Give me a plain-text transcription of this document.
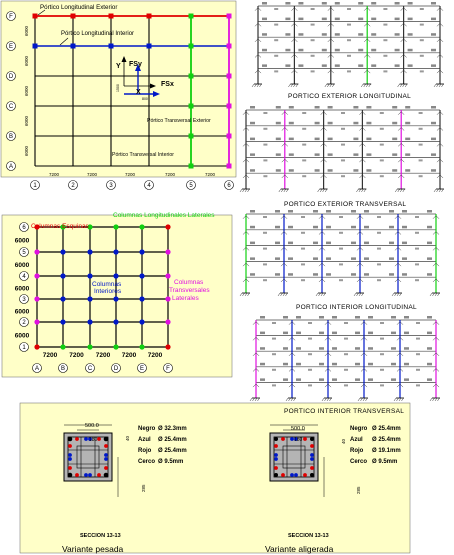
F
E
D
C
B
A
6000
6000
6000
6000
6000
1	2	3	4	5	6
7200	7200	7200	7200	7200
6
5
4
3
2
1
6000
6000
6000
6000
6000
7200 7200 7200 7200 7200
A	B	C	D	E	F
Pórtico Longitudinal Exterior
Pórtico Longitudinal Interior
Pórtico Transversal Exterior
Pórtico Transversal Interior
FSy
FSx
Y
X
1500
800
Columnas Esquinas
Columnas Longitudinales Laterales
Columnas
Interiores
Columnas
Transversales
Laterales
PORTICO EXTERIOR LONGITUDINAL
PORTICO EXTERIOR TRANSVERSAL
PORTICO INTERIOR LONGITUDINAL
PORTICO INTERIOR TRANSVERSAL
500.0
180	40
285
Negro Ø 32.3mm
Azul Ø 25.4mm
Rojo Ø 25.4mm
Cerco Ø 9.5mm
SECCION 13-13
Variante pesada
500.0
180	40
285
Negro Ø 25.4mm
Azul Ø 25.4mm
Rojo Ø 19.1mm
Cerco Ø 9.5mm
SECCION 13-13
Variante aligerada
